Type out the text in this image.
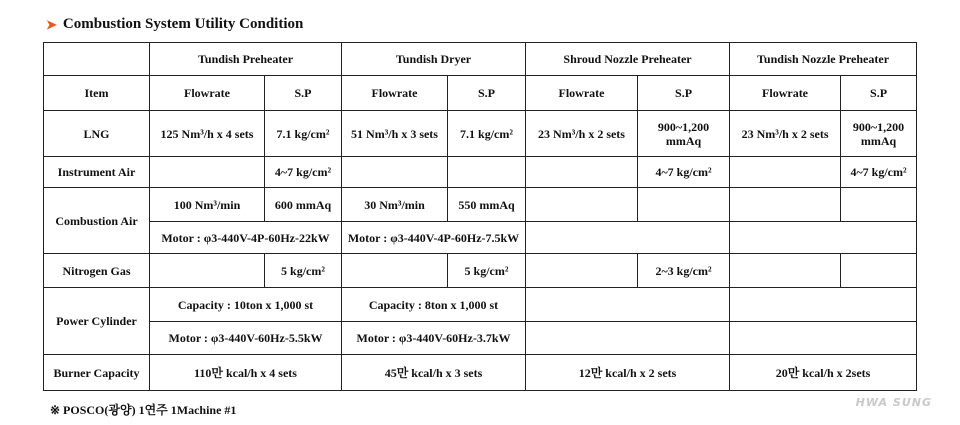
➤ Combustion System Utility Condition
	Tundish Preheater		Tundish Dryer		Shroud Nozzle Preheater		Tundish Nozzle Preheater	
Item	Flowrate	S.P	Flowrate	S.P	Flowrate	S.P	Flowrate	S.P
LNG	125 Nm³/h x 4 sets	7.1 kg/cm²	51 Nm³/h x 3 sets	7.1 kg/cm²	23 Nm³/h x 2 sets	900~1,200 mmAq	23 Nm³/h x 2 sets	900~1,200 mmAq
Instrument Air		4~7 kg/cm²				4~7 kg/cm²		4~7 kg/cm²
Combustion Air	100 Nm³/min	600 mmAq	30 Nm³/min	550 mmAq				
	Motor : φ3-440V-4P-60Hz-22kW		Motor : φ3-440V-4P-60Hz-7.5kW					
Nitrogen Gas		5 kg/cm²		5 kg/cm²		2~3 kg/cm²		
Power Cylinder	Capacity : 10ton x 1,000 st		Capacity : 8ton x 1,000 st					
	Motor : φ3-440V-60Hz-5.5kW		Motor : φ3-440V-60Hz-3.7kW					
Burner Capacity	110만 kcal/h x 4 sets		45만 kcal/h x 3 sets		12만 kcal/h x 2 sets		20만 kcal/h x 2sets	
※ POSCO(광양) 1연주 1Machine #1
HWA SUNG
